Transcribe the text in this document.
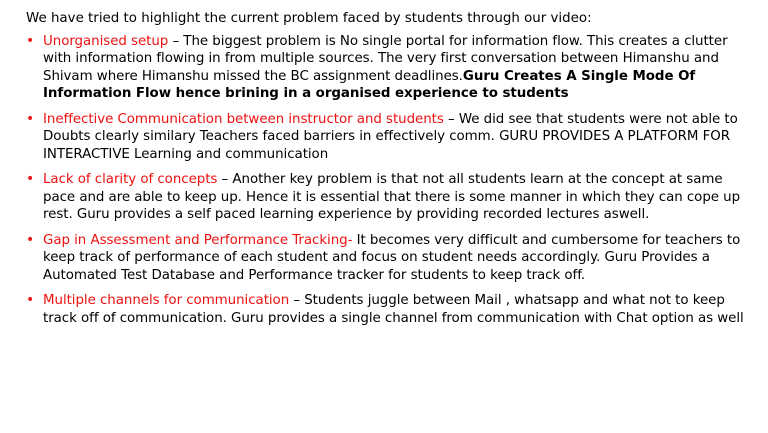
We have tried to highlight the current problem faced by students through our video:

• Unorganised setup – The biggest problem is No single portal for information flow. This creates a clutter with information flowing in from multiple sources. The very first conversation between Himanshu and Shivam where Himanshu missed the BC assignment deadlines.Guru Creates A Single Mode Of Information Flow hence brining in a organised experience to students
• Ineffective Communication between instructor and students – We did see that students were not able to Doubts clearly similary Teachers faced barriers in effectively comm. GURU PROVIDES A PLATFORM FOR INTERACTIVE Learning and communication
• Lack of clarity of concepts – Another key problem is that not all students learn at the concept at same pace and are able to keep up. Hence it is essential that there is some manner in which they can cope up rest. Guru provides a self paced learning experience by providing recorded lectures aswell.
• Gap in Assessment and Performance Tracking- It becomes very difficult and cumbersome for teachers to keep track of performance of each student and focus on student needs accordingly. Guru Provides a Automated Test Database and Performance tracker for students to keep track off.
• Multiple channels for communication – Students juggle between Mail , whatsapp and what not to keep track off of communication. Guru provides a single channel from communication with Chat option as well
